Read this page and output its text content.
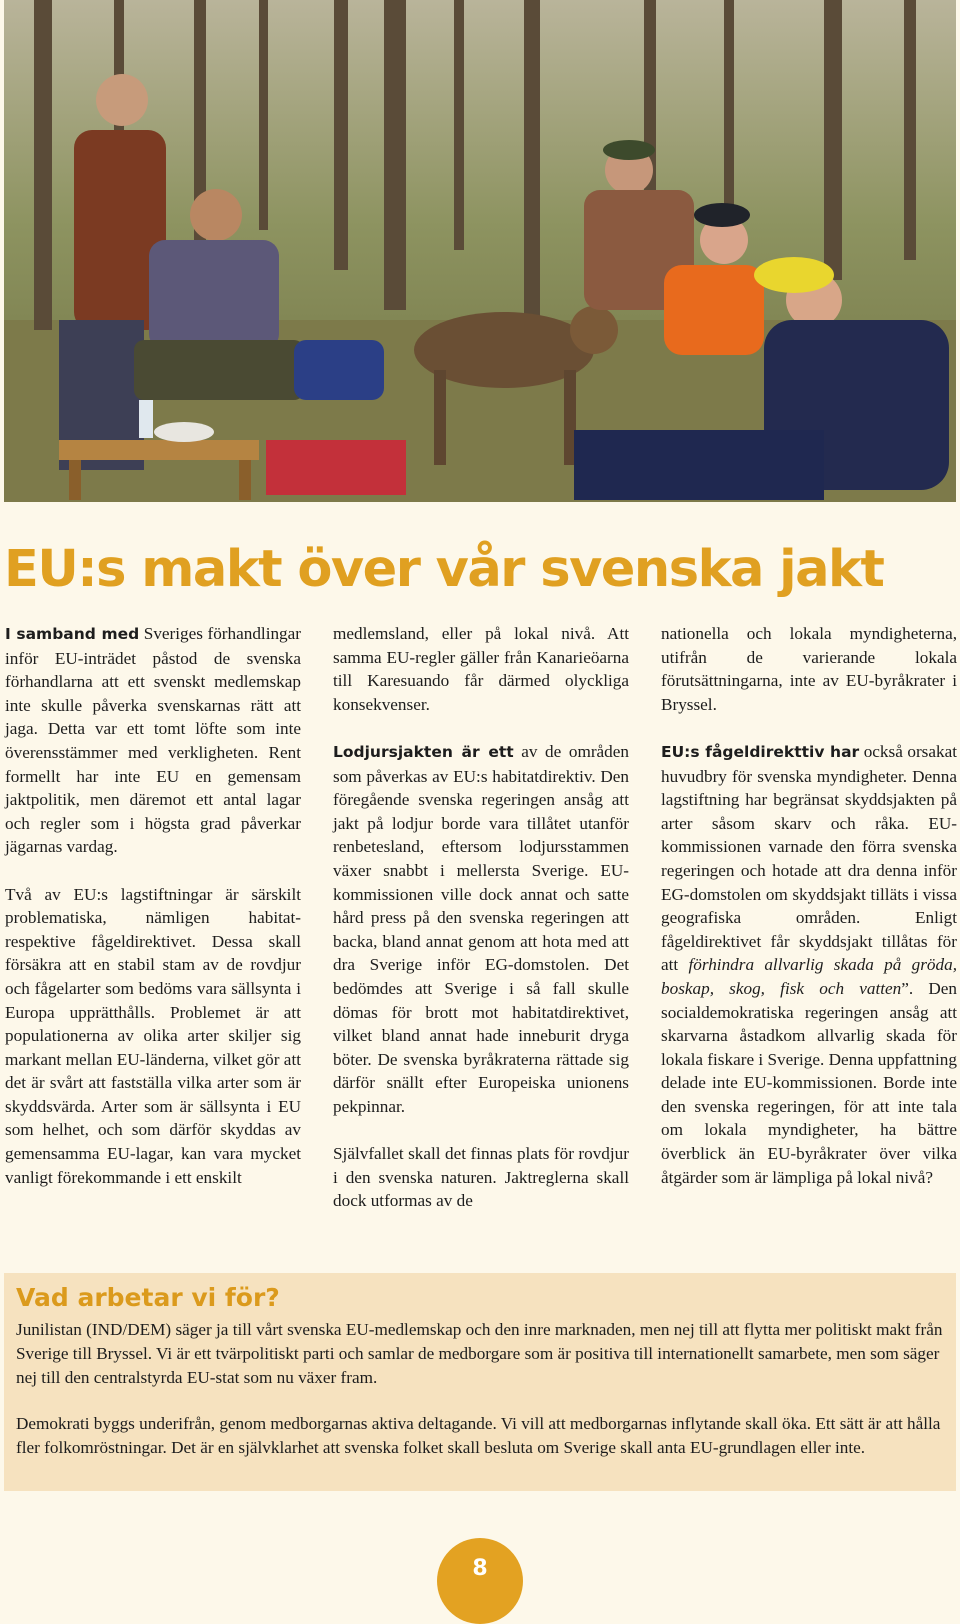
EU:s makt över vår svenska jakt

I samband med Sveriges förhandlingar inför EU-inträdet påstod de svenska förhandlarna att ett svenskt medlemskap inte skulle påverka svenskarnas rätt att jaga. Detta var ett tomt löfte som inte överensstämmer med verkligheten. Rent formellt har inte EU en gemensam jaktpolitik, men däremot ett antal lagar och regler som i högsta grad påverkar jägarnas vardag.

Två av EU:s lagstiftningar är särskilt problematiska, nämligen habitat- respektive fågeldirektivet. Dessa skall försäkra att en stabil stam av de rovdjur och fågelarter som bedöms vara sällsynta i Europa upprätthålls. Problemet är att populationerna av olika arter skiljer sig markant mellan EU-länderna, vilket gör att det är svårt att fastställa vilka arter som är skyddsvärda. Arter som är sällsynta i EU som helhet, och som därför skyddas av gemensamma EU-lagar, kan vara mycket vanligt förekommande i ett enskilt

medlemsland, eller på lokal nivå. Att samma EU-regler gäller från Kanarieöarna till Karesuando får därmed olyckliga konsekvenser.

Lodjursjakten är ett av de områden som påverkas av EU:s habitatdirektiv. Den föregående svenska regeringen ansåg att jakt på lodjur borde vara tillåtet utanför renbetesland, eftersom lodjursstammen växer snabbt i mellersta Sverige. EU-kommissionen ville dock annat och satte hård press på den svenska regeringen att backa, bland annat genom att hota med att dra Sverige inför EG-domstolen. Det bedömdes att Sverige i så fall skulle dömas för brott mot habitatdirektivet, vilket bland annat hade inneburit dryga böter. De svenska byråkraterna rättade sig därför snällt efter Europeiska unionens pekpinnar.

Självfallet skall det finnas plats för rovdjur i den svenska naturen. Jaktreglerna skall dock utformas av de

nationella och lokala myndigheterna, utifrån de varierande lokala förutsättningarna, inte av EU-byråkrater i Bryssel.

EU:s fågeldirekttiv har också orsakat huvudbry för svenska myndigheter. Denna lagstiftning har begränsat skyddsjakten på arter såsom skarv och råka. EU-kommissionen varnade den förra svenska regeringen och hotade att dra denna inför EG-domstolen om skyddsjakt tilläts i vissa geografiska områden. Enligt fågeldirektivet får skyddsjakt tillåtas för att förhindra allvarlig skada på gröda, boskap, skog, fisk och vatten”. Den socialdemokratiska regeringen ansåg att skarvarna åstadkom allvarlig skada för lokala fiskare i Sverige. Denna uppfattning delade inte EU-kommissionen. Borde inte den svenska regeringen, för att inte tala om lokala myndigheter, ha bättre överblick än EU-byråkrater över vilka åtgärder som är lämpliga på lokal nivå?

Vad arbetar vi för?

Junilistan (IND/DEM) säger ja till vårt svenska EU-medlemskap och den inre marknaden, men nej till att flytta mer politiskt makt från Sverige till Bryssel. Vi är ett tvärpolitiskt parti och samlar de medborgare som är positiva till internationellt samarbete, men som säger nej till den centralstyrda EU-stat som nu växer fram.

Demokrati byggs underifrån, genom medborgarnas aktiva deltagande. Vi vill att medborgarnas inflytande skall öka. Ett sätt är att hålla fler folkomröstningar. Det är en självklarhet att svenska folket skall besluta om Sverige skall anta EU-grundlagen eller inte.

8
